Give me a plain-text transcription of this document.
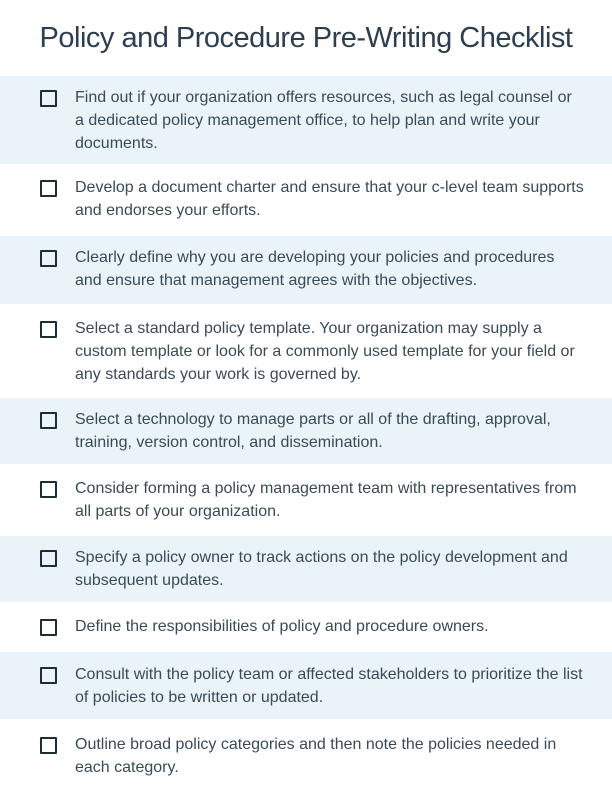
Policy and Procedure Pre-Writing Checklist
Find out if your organization offers resources, such as legal counsel or a dedicated policy management office, to help plan and write your documents.
Develop a document charter and ensure that your c-level team supports and endorses your efforts.
Clearly define why you are developing your policies and procedures and ensure that management agrees with the objectives.
Select a standard policy template. Your organization may supply a custom template or look for a commonly used template for your field or any standards your work is governed by.
Select a technology to manage parts or all of the drafting, approval, training, version control, and dissemination.
Consider forming a policy management team with representatives from all parts of your organization.
Specify a policy owner to track actions on the policy development and subsequent updates.
Define the responsibilities of policy and procedure owners.
Consult with the policy team or affected stakeholders to prioritize the list of policies to be written or updated.
Outline broad policy categories and then note the policies needed in each category.
